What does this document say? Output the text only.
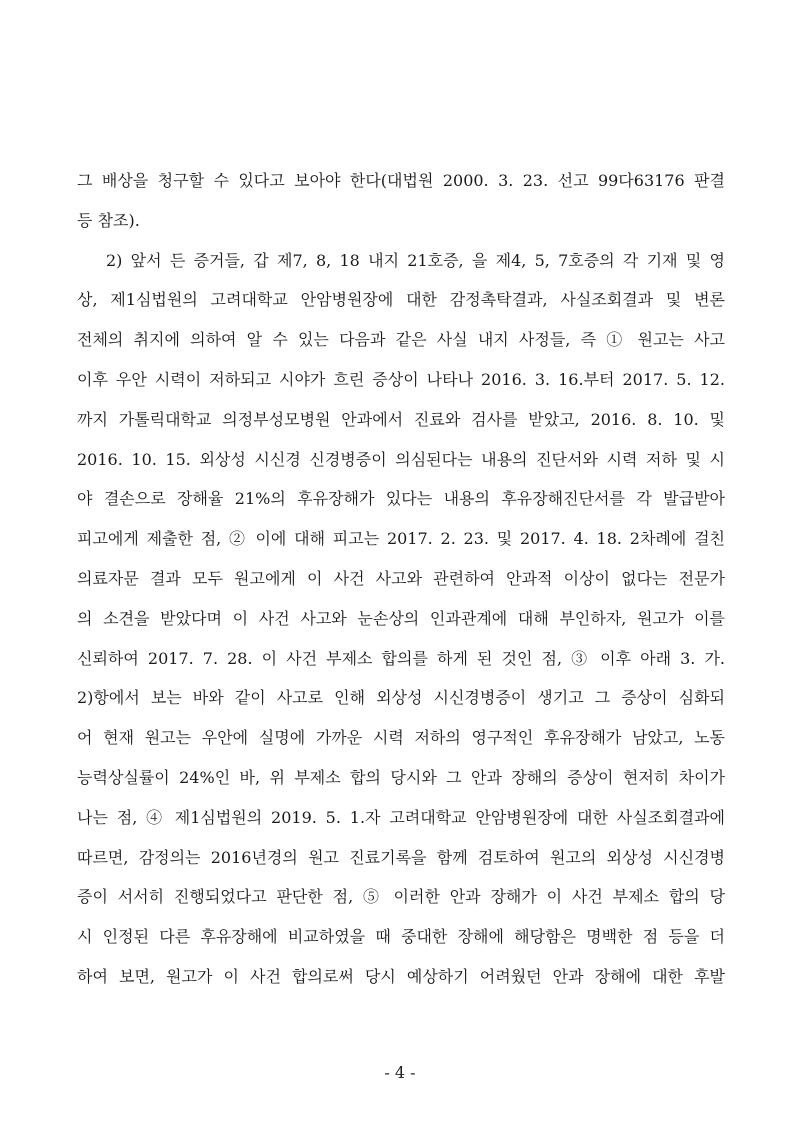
그 배상을 청구할 수 있다고 보아야 한다(대법원 2000. 3. 23. 선고 99다63176 판결
등 참조).
2) 앞서 든 증거들, 갑 제7, 8, 18 내지 21호증, 을 제4, 5, 7호증의 각 기재 및 영
상, 제1심법원의 고려대학교 안암병원장에 대한 감정촉탁결과, 사실조회결과 및 변론
전체의 취지에 의하여 알 수 있는 다음과 같은 사실 내지 사정들, 즉 ① 원고는 사고
이후 우안 시력이 저하되고 시야가 흐린 증상이 나타나 2016. 3. 16.부터 2017. 5. 12.
까지 가톨릭대학교 의정부성모병원 안과에서 진료와 검사를 받았고, 2016. 8. 10. 및
2016. 10. 15. 외상성 시신경 신경병증이 의심된다는 내용의 진단서와 시력 저하 및 시
야 결손으로 장해율 21%의 후유장해가 있다는 내용의 후유장해진단서를 각 발급받아
피고에게 제출한 점, ② 이에 대해 피고는 2017. 2. 23. 및 2017. 4. 18. 2차례에 걸친
의료자문 결과 모두 원고에게 이 사건 사고와 관련하여 안과적 이상이 없다는 전문가
의 소견을 받았다며 이 사건 사고와 눈손상의 인과관계에 대해 부인하자, 원고가 이를
신뢰하여 2017. 7. 28. 이 사건 부제소 합의를 하게 된 것인 점, ③ 이후 아래 3. 가.
2)항에서 보는 바와 같이 사고로 인해 외상성 시신경병증이 생기고 그 증상이 심화되
어 현재 원고는 우안에 실명에 가까운 시력 저하의 영구적인 후유장해가 남았고, 노동
능력상실률이 24%인 바, 위 부제소 합의 당시와 그 안과 장해의 증상이 현저히 차이가
나는 점, ④ 제1심법원의 2019. 5. 1.자 고려대학교 안암병원장에 대한 사실조회결과에
따르면, 감정의는 2016년경의 원고 진료기록을 함께 검토하여 원고의 외상성 시신경병
증이 서서히 진행되었다고 판단한 점, ⑤ 이러한 안과 장해가 이 사건 부제소 합의 당
시 인정된 다른 후유장해에 비교하였을 때 중대한 장해에 해당함은 명백한 점 등을 더
하여 보면, 원고가 이 사건 합의로써 당시 예상하기 어려웠던 안과 장해에 대한 후발
- 4 -
